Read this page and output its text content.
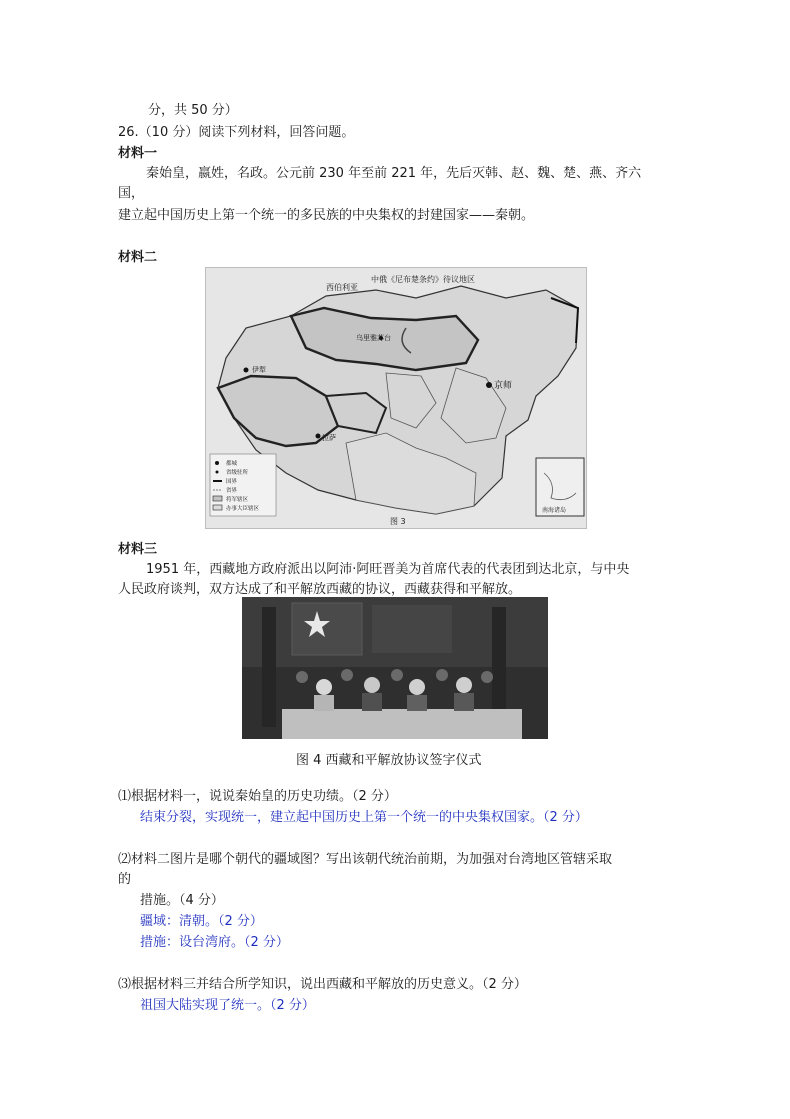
分，共 50 分）
26.（10 分）阅读下列材料，回答问题。
材料一
秦始皇，嬴姓，名政。公元前 230 年至前 221 年，先后灭韩、赵、魏、楚、燕、齐六
国，
建立起中国历史上第一个统一的多民族的中央集权的封建国家——秦朝。
材料二
中俄《尼布楚条约》待议地区
西伯利亚
乌里雅苏台
伊犁
京师
拉萨
南海诸岛
都城
省级驻所
国界
省界
将军辖区
办事大臣辖区
图 3
材料三
1951 年，西藏地方政府派出以阿沛·阿旺晋美为首席代表的代表团到达北京，与中央
人民政府谈判，双方达成了和平解放西藏的协议，西藏获得和平解放。
图 4 西藏和平解放协议签字仪式
⑴根据材料一，说说秦始皇的历史功绩。（2 分）
结束分裂，实现统一，建立起中国历史上第一个统一的中央集权国家。（2 分）
⑵材料二图片是哪个朝代的疆域图？写出该朝代统治前期，为加强对台湾地区管辖采取
的
措施。（4 分）
疆域：清朝。（2 分）
措施：设台湾府。（2 分）
⑶根据材料三并结合所学知识，说出西藏和平解放的历史意义。（2 分）
祖国大陆实现了统一。（2 分）
